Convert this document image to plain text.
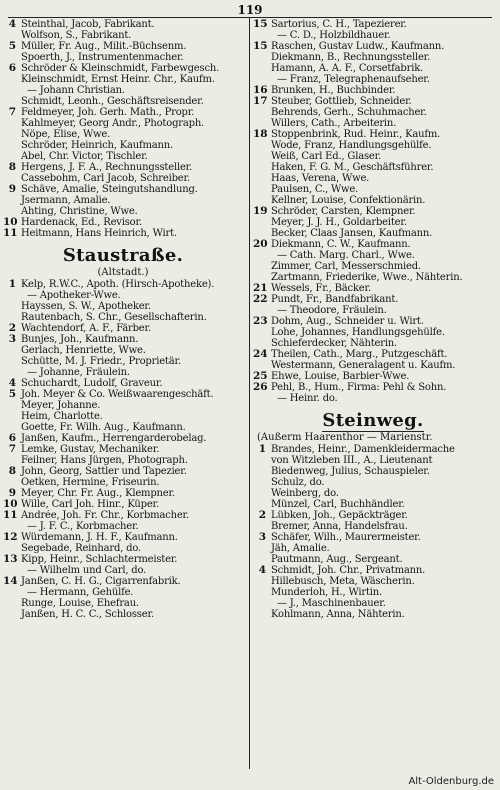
119
4 Steinthal, Jacob, Fabrikant.
Wolfson, S., Fabrikant.
5 Müller, Fr. Aug., Milit.-Büchsenm.
Spoerth, J., Instrumentenmacher.
6 Schröder & Kleinschmidt, Farbewgesch.
Kleinschmidt, Ernst Heinr. Chr., Kaufm.
— Johann Christian.
Schmidt, Leonh., Geschäftsreisender.
7 Feldmeyer, Joh. Gerh. Math., Propr.
Kahlmeyer, Georg Andr., Photograph.
Nöpe, Elise, Wwe.
Schröder, Heinrich, Kaufmann.
Abel, Chr. Victor, Tischler.
8 Hergens, J. F. A., Rechnungssteller.
Cassebohm, Carl Jacob, Schreiber.
9 Schäve, Amalie, Steingutshandlung.
Jsermann, Amalie.
Ahting, Christine, Wwe.
10 Hardenack, Ed., Revisor.
11 Heitmann, Hans Heinrich, Wirt.
Staustraße.
(Altstadt.)
1 Kelp, R.W.C., Apoth. (Hirsch-Apotheke).
— Apotheker-Wwe.
Hayssen, S. W., Apotheker.
Rautenbach, S. Chr., Gesellschafterin.
2 Wachtendorf, A. F., Färber.
3 Bunjes, Joh., Kaufmann.
Gerlach, Henriette, Wwe.
Schütte, M. J. Friedr., Proprietär.
— Johanne, Fräulein.
4 Schuchardt, Ludolf, Graveur.
5 Joh. Meyer & Co. Weißwaarengeschäft.
Meyer, Johanne.
Heim, Charlotte.
Goette, Fr. Wilh. Aug., Kaufmann.
6 Janßen, Kaufm., Herrengarderobelag.
7 Lemke, Gustav, Mechaniker.
Feilner, Hans Jürgen, Photograph.
8 John, Georg, Sattler und Tapezier.
Oetken, Hermine, Friseurin.
9 Meyer, Chr. Fr. Aug., Klempner.
10 Wille, Carl Joh. Hinr., Küper.
11 Andrée, Joh. Fr. Chr., Korbmacher.
— J. F. C., Korbmacher.
12 Würdemann, J. H. F., Kaufmann.
Segebade, Reinhard, do.
13 Kipp, Heinr., Schlachtermeister.
— Wilhelm und Carl, do.
14 Janßen, C. H. G., Cigarrenfabrik.
— Hermann, Gehülfe.
Runge, Louise, Ehefrau.
Janßen, H. C. C., Schlosser.
15 Sartorius, C. H., Tapezierer.
— C. D., Holzbildhauer.
15 Raschen, Gustav Ludw., Kaufmann.
Diekmann, B., Rechnungssteller.
Hamann, A. A. F., Corsetfabrik.
— Franz, Telegraphenaufseher.
16 Brunken, H., Buchbinder.
17 Steuber, Gottlieb, Schneider.
Behrends, Gerh., Schuhmacher.
Willers, Cath., Arbeiterin.
18 Stoppenbrink, Rud. Heinr., Kaufm.
Wode, Franz, Handlungsgehülfe.
Weiß, Carl Ed., Glaser.
Haken, F. G. M., Geschäftsführer.
Haas, Verena, Wwe.
Paulsen, C., Wwe.
Kellner, Louise, Confektionärin.
19 Schröder, Carsten, Klempner.
Meyer, J. J. H., Goldarbeiter.
Becker, Claas Jansen, Kaufmann.
20 Diekmann, C. W., Kaufmann.
— Cath. Marg. Charl., Wwe.
Zimmer, Carl, Messerschmied.
Zartmann, Friederike, Wwe., Nähterin.
21 Wessels, Fr., Bäcker.
22 Pundt, Fr., Bandfabrikant.
— Theodore, Fräulein.
23 Dohm, Aug., Schneider u. Wirt.
Lohe, Johannes, Handlungsgehülfe.
Schieferdecker, Nähterin.
24 Theilen, Cath., Marg., Putzgeschäft.
Westermann, Generalagent u. Kaufm.
25 Ehwe, Louise, Barbier-Wwe.
26 Pehl, B., Hum., Firma: Pehl & Sohn.
— Heinr. do.
Steinweg.
(Außerm Haarenthor — Marienstr.
1 Brandes, Heinr., Damenkleidermache
von Witzleben III., A., Lieutenant
Biedenweg, Julius, Schauspieler.
Schulz, do.
Weinberg, do.
Münzel, Carl, Buchhändler.
2 Lübken, Joh., Gepäckträger.
Bremer, Anna, Handelsfrau.
3 Schäfer, Wilh., Maurermeister.
Jäh, Amalie.
Pautmann, Aug., Sergeant.
4 Schmidt, Joh. Chr., Privatmann.
Hillebusch, Meta, Wäscherin.
Munderloh, H., Wirtin.
— J., Maschinenbauer.
Kohlmann, Anna, Nähterin.
Alt-Oldenburg.de
